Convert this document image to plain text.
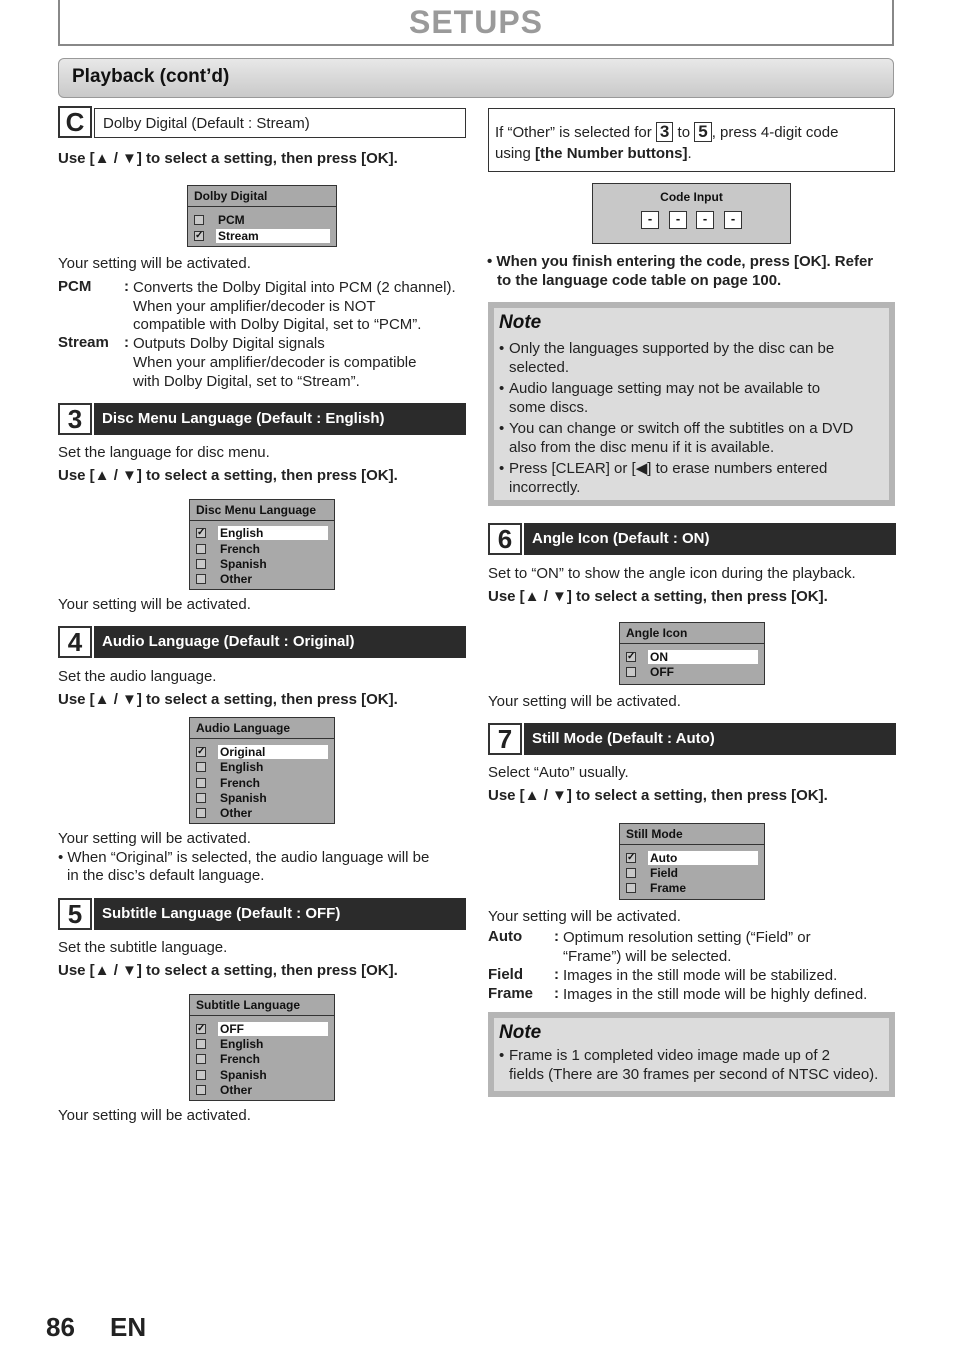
SETUPS
Playback (cont’d)
C	Dolby Digital (Default : Stream)
Use [▲ / ▼] to select a setting, then press [OK].
Dolby Digital
PCM
✓ Stream
Your setting will be activated.
PCM : Converts the Dolby Digital into PCM (2 channel).
When your amplifier/decoder is NOT
compatible with Dolby Digital, set to “PCM”.
Stream : Outputs Dolby Digital signals
When your amplifier/decoder is compatible
with Dolby Digital, set to “Stream”.
3	Disc Menu Language (Default : English)
Set the language for disc menu.
Use [▲ / ▼] to select a setting, then press [OK].
Disc Menu Language
✓ English
French
Spanish
Other
Your setting will be activated.
4	Audio Language (Default : Original)
Set the audio language.
Use [▲ / ▼] to select a setting, then press [OK].
Audio Language
✓ Original
English
French
Spanish
Other
Your setting will be activated.
• When “Original” is selected, the audio language will be
in the disc’s default language.
5	Subtitle Language (Default : OFF)
Set the subtitle language.
Use [▲ / ▼] to select a setting, then press [OK].
Subtitle Language
✓ OFF
English
French
Spanish
Other
Your setting will be activated.
If “Other” is selected for 3 to 5 , press 4-digit code
using [the Number buttons].
Code Input
-	-	-	-
• When you finish entering the code, press [OK]. Refer
to the language code table on page 100.
Note
• Only the languages supported by the disc can be
selected.
• Audio language setting may not be available to
some discs.
• You can change or switch off the subtitles on a DVD
also from the disc menu if it is available.
• Press [CLEAR] or [◀] to erase numbers entered
incorrectly.
6	Angle Icon (Default : ON)
Set to “ON” to show the angle icon during the playback.
Use [▲ / ▼] to select a setting, then press [OK].
Angle Icon
✓ ON
OFF
Your setting will be activated.
7	Still Mode (Default : Auto)
Select “Auto” usually.
Use [▲ / ▼] to select a setting, then press [OK].
Still Mode
✓ Auto
Field
Frame
Your setting will be activated.
Auto : Optimum resolution setting (“Field” or
“Frame”) will be selected.
Field : Images in the still mode will be stabilized.
Frame : Images in the still mode will be highly defined.
Note
• Frame is 1 completed video image made up of 2
fields (There are 30 frames per second of NTSC video).
86 EN
